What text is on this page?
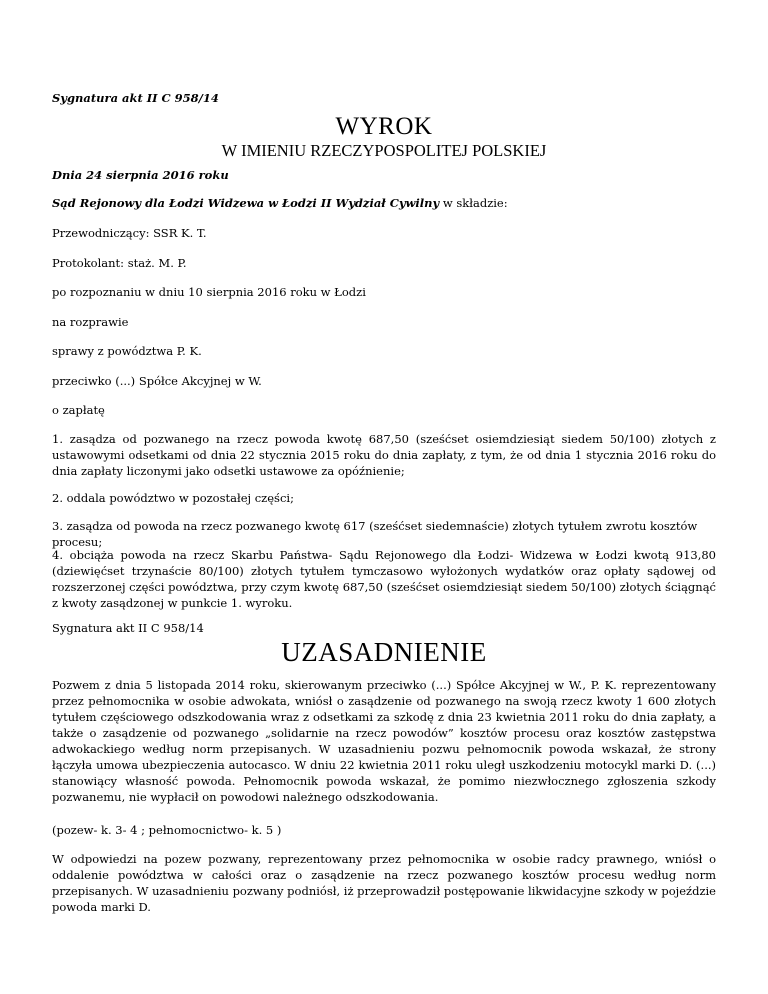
Sygnatura akt II C 958/14

WYROK
W IMIENIU RZECZYPOSPOLITEJ POLSKIEJ

Dnia 24 sierpnia 2016 roku

Sąd Rejonowy dla Łodzi Widzewa w Łodzi II Wydział Cywilny w składzie:

Przewodniczący: SSR K. T.

Protokolant: staż. M. P.

po rozpoznaniu w dniu 10 sierpnia 2016 roku w Łodzi

na rozprawie

sprawy z powództwa P. K.

przeciwko (...) Spółce Akcyjnej w W.

o zapłatę

1. zasądza od pozwanego na rzecz powoda kwotę 687,50 (sześćset osiemdziesiąt siedem 50/100) złotych z ustawowymi odsetkami od dnia 22 stycznia 2015 roku do dnia zapłaty, z tym, że od dnia 1 stycznia 2016 roku do dnia zapłaty liczonymi jako odsetki ustawowe za opóźnienie;

2. oddala powództwo w pozostałej części;

3. zasądza od powoda na rzecz pozwanego kwotę 617 (sześćset siedemnaście) złotych tytułem zwrotu kosztów procesu;

4. obciąża powoda na rzecz Skarbu Państwa- Sądu Rejonowego dla Łodzi- Widzewa w Łodzi kwotą 913,80 (dziewięćset trzynaście 80/100) złotych tytułem tymczasowo wyłożonych wydatków oraz opłaty sądowej od rozszerzonej części powództwa, przy czym kwotę 687,50 (sześćset osiemdziesiąt siedem 50/100) złotych ściągnąć z kwoty zasądzonej w punkcie 1. wyroku.

Sygnatura akt II C 958/14

UZASADNIENIE

Pozwem z dnia 5 listopada 2014 roku, skierowanym przeciwko (...) Spółce Akcyjnej w W., P. K. reprezentowany przez pełnomocnika w osobie adwokata, wniósł o zasądzenie od pozwanego na swoją rzecz kwoty 1 600 złotych tytułem częściowego odszkodowania wraz z odsetkami za szkodę z dnia 23 kwietnia 2011 roku do dnia zapłaty, a także o zasądzenie od pozwanego „solidarnie na rzecz powodów” kosztów procesu oraz kosztów zastępstwa adwokackiego według norm przepisanych. W uzasadnieniu pozwu pełnomocnik powoda wskazał, że strony łączyła umowa ubezpieczenia autocasco. W dniu 22 kwietnia 2011 roku uległ uszkodzeniu motocykl marki D. (...) stanowiący własność powoda. Pełnomocnik powoda wskazał, że pomimo niezwłocznego zgłoszenia szkody pozwanemu, nie wypłacił on powodowi należnego odszkodowania.

(pozew- k. 3- 4 ; pełnomocnictwo- k. 5 )

W odpowiedzi na pozew pozwany, reprezentowany przez pełnomocnika w osobie radcy prawnego, wniósł o oddalenie powództwa w całości oraz o zasądzenie na rzecz pozwanego kosztów procesu według norm przepisanych. W uzasadnieniu pozwany podniósł, iż przeprowadził postępowanie likwidacyjne szkody w pojeździe powoda marki D.
